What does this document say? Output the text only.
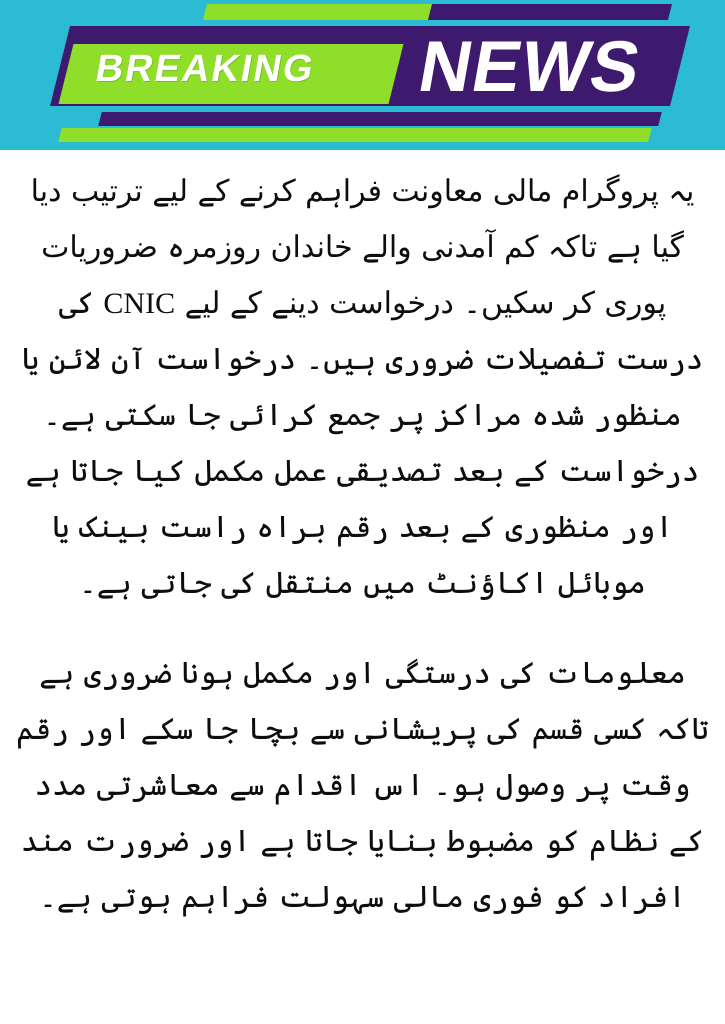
BREAKING NEWS

یہ پروگرام مالی معاونت فراہم کرنے کے لیے ترتیب دیا گیا ہے تاکہ کم آمدنی والے خاندان روزمرہ ضروریات پوری کر سکیں۔ درخواست دینے کے لیے CNIC کی درست تفصیلات ضروری ہیں۔ درخواست آن لائن یا منظور شدہ مراکز پر جمع کرائی جا سکتی ہے۔ درخواست کے بعد تصدیقی عمل مکمل کیا جاتا ہے اور منظوری کے بعد رقم براہ راست بینک یا موبائل اکاؤنٹ میں منتقل کی جاتی ہے۔

معلومات کی درستگی اور مکمل ہونا ضروری ہے تاکہ کسی قسم کی پریشانی سے بچا جا سکے اور رقم وقت پر وصول ہو۔ اس اقدام سے معاشرتی مدد کے نظام کو مضبوط بنایا جاتا ہے اور ضرورت مند افراد کو فوری مالی سہولت فراہم ہوتی ہے۔
